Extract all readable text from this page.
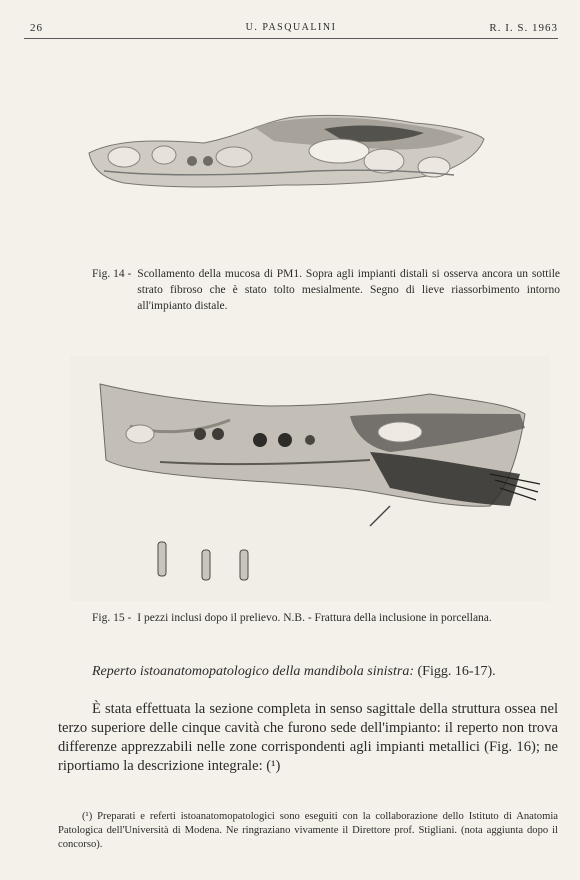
26	U. PASQUALINI	R. I. S. 1963
Fig. 14 - Scollamento della mucosa di PM1. Sopra agli impianti distali si osserva ancora un sottile strato fibroso che è stato tolto mesialmente. Segno di lieve riassorbimento intorno all'impianto distale.
Fig. 15 - I pezzi inclusi dopo il prelievo. N.B. - Frattura della inclusione in porcellana.
Reperto istoanatomopatologico della mandibola sinistra: (Figg. 16-17).
È stata effettuata la sezione completa in senso sagittale della struttura ossea nel terzo superiore delle cinque cavità che furono sede dell'impianto: il reperto non trova differenze apprezzabili nelle zone corrispondenti agli impianti metallici (Fig. 16); ne riportiamo la descrizione integrale: (¹)
(¹) Preparati e referti istoanatomopatologici sono eseguiti con la collaborazione dello Istituto di Anatomia Patologica dell'Università di Modena. Ne ringraziano vivamente il Direttore prof. Stigliani. (nota aggiunta dopo il concorso).
